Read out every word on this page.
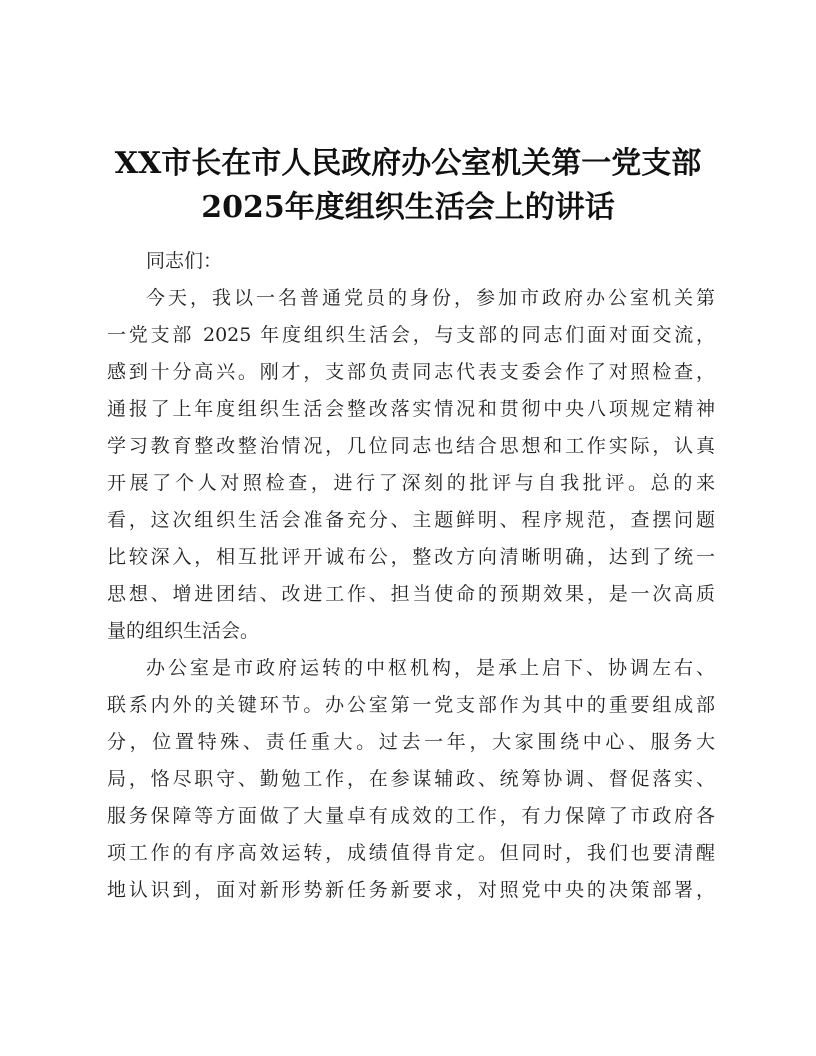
XX市长在市人民政府办公室机关第一党支部
2025年度组织生活会上的讲话
同志们：
今天，我以一名普通党员的身份，参加市政府办公室机关第
一党支部 2025 年度组织生活会，与支部的同志们面对面交流，
感到十分高兴。刚才，支部负责同志代表支委会作了对照检查，
通报了上年度组织生活会整改落实情况和贯彻中央八项规定精神
学习教育整改整治情况，几位同志也结合思想和工作实际，认真
开展了个人对照检查，进行了深刻的批评与自我批评。总的来
看，这次组织生活会准备充分、主题鲜明、程序规范，查摆问题
比较深入，相互批评开诚布公，整改方向清晰明确，达到了统一
思想、增进团结、改进工作、担当使命的预期效果，是一次高质
量的组织生活会。
办公室是市政府运转的中枢机构，是承上启下、协调左右、
联系内外的关键环节。办公室第一党支部作为其中的重要组成部
分，位置特殊、责任重大。过去一年，大家围绕中心、服务大
局，恪尽职守、勤勉工作，在参谋辅政、统筹协调、督促落实、
服务保障等方面做了大量卓有成效的工作，有力保障了市政府各
项工作的有序高效运转，成绩值得肯定。但同时，我们也要清醒
地认识到，面对新形势新任务新要求，对照党中央的决策部署，
